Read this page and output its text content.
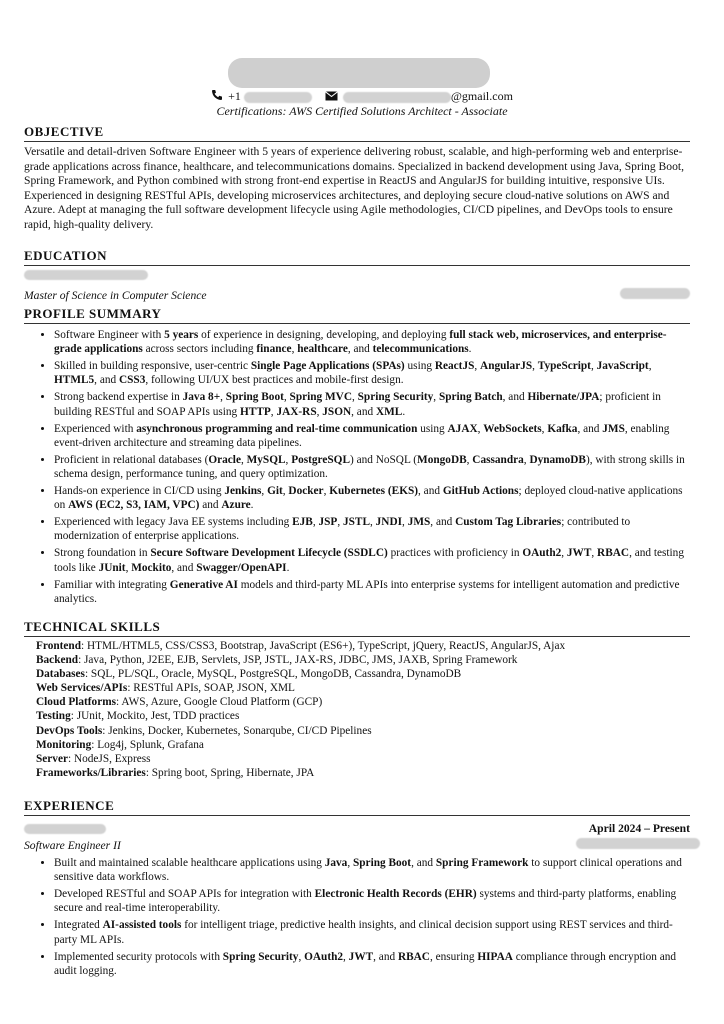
+1	@gmail.com
Certifications: AWS Certified Solutions Architect - Associate
OBJECTIVE
Versatile and detail-driven Software Engineer with 5 years of experience delivering robust, scalable, and high-performing web and enterprise-grade applications across finance, healthcare, and telecommunications domains. Specialized in backend development using Java, Spring Boot, Spring Framework, and Python combined with strong front-end expertise in ReactJS and AngularJS for building intuitive, responsive UIs. Experienced in designing RESTful APIs, developing microservices architectures, and deploying secure cloud-native solutions on AWS and Azure. Adept at managing the full software development lifecycle using Agile methodologies, CI/CD pipelines, and DevOps tools to ensure rapid, high-quality delivery.
EDUCATION
Master of Science in Computer Science
PROFILE SUMMARY
• Software Engineer with 5 years of experience in designing, developing, and deploying full stack web, microservices, and enterprise-grade applications across sectors including finance, healthcare, and telecommunications.
• Skilled in building responsive, user-centric Single Page Applications (SPAs) using ReactJS, AngularJS, TypeScript, JavaScript, HTML5, and CSS3, following UI/UX best practices and mobile-first design.
• Strong backend expertise in Java 8+, Spring Boot, Spring MVC, Spring Security, Spring Batch, and Hibernate/JPA; proficient in building RESTful and SOAP APIs using HTTP, JAX-RS, JSON, and XML.
• Experienced with asynchronous programming and real-time communication using AJAX, WebSockets, Kafka, and JMS, enabling event-driven architecture and streaming data pipelines.
• Proficient in relational databases (Oracle, MySQL, PostgreSQL) and NoSQL (MongoDB, Cassandra, DynamoDB), with strong skills in schema design, performance tuning, and query optimization.
• Hands-on experience in CI/CD using Jenkins, Git, Docker, Kubernetes (EKS), and GitHub Actions; deployed cloud-native applications on AWS (EC2, S3, IAM, VPC) and Azure.
• Experienced with legacy Java EE systems including EJB, JSP, JSTL, JNDI, JMS, and Custom Tag Libraries; contributed to modernization of enterprise applications.
• Strong foundation in Secure Software Development Lifecycle (SSDLC) practices with proficiency in OAuth2, JWT, RBAC, and testing tools like JUnit, Mockito, and Swagger/OpenAPI.
• Familiar with integrating Generative AI models and third-party ML APIs into enterprise systems for intelligent automation and predictive analytics.
TECHNICAL SKILLS
Frontend: HTML/HTML5, CSS/CSS3, Bootstrap, JavaScript (ES6+), TypeScript, jQuery, ReactJS, AngularJS, Ajax
Backend: Java, Python, J2EE, EJB, Servlets, JSP, JSTL, JAX-RS, JDBC, JMS, JAXB, Spring Framework
Databases: SQL, PL/SQL, Oracle, MySQL, PostgreSQL, MongoDB, Cassandra, DynamoDB
Web Services/APIs: RESTful APIs, SOAP, JSON, XML
Cloud Platforms: AWS, Azure, Google Cloud Platform (GCP)
Testing: JUnit, Mockito, Jest, TDD practices
DevOps Tools: Jenkins, Docker, Kubernetes, Sonarqube, CI/CD Pipelines
Monitoring: Log4j, Splunk, Grafana
Server: NodeJS, Express
Frameworks/Libraries: Spring boot, Spring, Hibernate, JPA
EXPERIENCE
April 2024 – Present
Software Engineer II
• Built and maintained scalable healthcare applications using Java, Spring Boot, and Spring Framework to support clinical operations and sensitive data workflows.
• Developed RESTful and SOAP APIs for integration with Electronic Health Records (EHR) systems and third-party platforms, enabling secure and real-time interoperability.
• Integrated AI-assisted tools for intelligent triage, predictive health insights, and clinical decision support using REST services and third-party ML APIs.
• Implemented security protocols with Spring Security, OAuth2, JWT, and RBAC, ensuring HIPAA compliance through encryption and audit logging.
